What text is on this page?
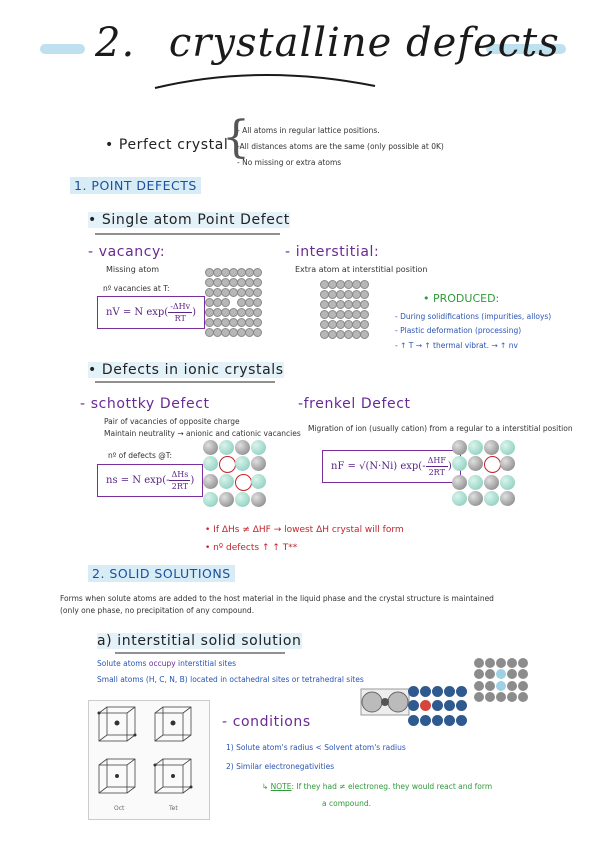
2. crystalline defects
• Perfect crystal
{
- All atoms in regular lattice positions.
-All distances atoms are the same (only possible at 0K)
- No missing or extra atoms
1. POINT DEFECTS
• Single atom Point Defect
- vacancy:
Missing atom
nº vacancies at T:
nV = N $\exp( \frac{\text{-ΔHv}}{RT}$ )
- interstitial:
Extra atom at interstitial position
• PRODUCED:
- During solidifications (impurities, alloys)
- Plastic deformation (processing)
- ↑ T → ↑ thermal vibrat. → ↑ nv
• Defects in ionic crystals
- schottky Defect
Pair of vacancies of opposite charge
Maintain neutrality → anionic and cationic vacancies
nº of defects @T:
ns = N $\exp(- \frac{\text{ΔHs}}{2RT}$ )
-frenkel Defect
Migration of ion (usually cation) from a regular to a interstitial position
nF = √(N·Ni) $\exp(- \frac{\text{ΔHF}}{2RT}$ )
• If ΔHs ≠ ΔHF → lowest ΔH crystal will form
• nº defects ↑ ↑ T**
2. SOLID SOLUTIONS
Forms when solute atoms are added to the host material in the liquid phase and the crystal structure is maintained
(only one phase, no precipitation of any compound.
a) interstitial solid solution
Solute atoms occupy interstitial sites
Small atoms (H, C, N, B) located in octahedral sites or tetrahedral sites
Oct	Tet
- conditions
1) Solute atom's radius < Solvent atom's radius
2) Similar electronegativities
↳ NOTE: If they had ≠ electroneg. they would react and form
a compound.
